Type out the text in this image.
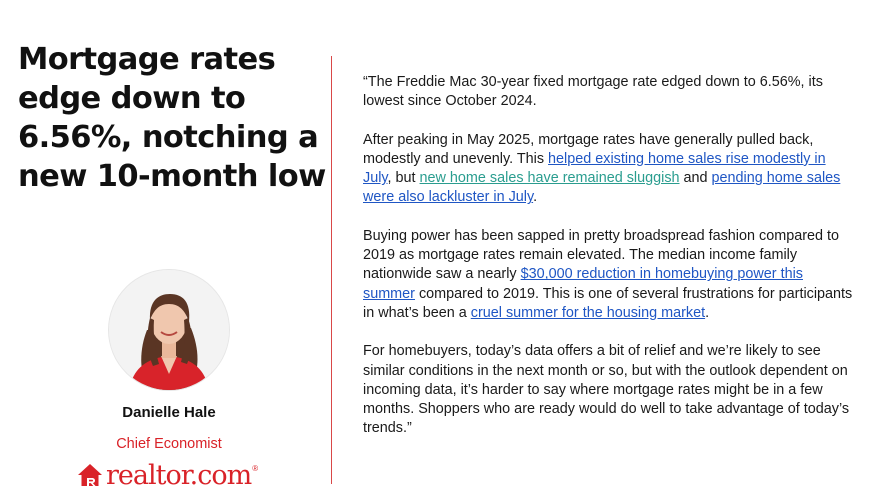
Mortgage rates edge down to 6.56%, notching a new 10-month low

“The Freddie Mac 30-year fixed mortgage rate edged down to 6.56%, its lowest since October 2024.

After peaking in May 2025, mortgage rates have generally pulled back, modestly and unevenly. This helped existing home sales rise modestly in July, but new home sales have remained sluggish and pending home sales were also lackluster in July.

Buying power has been sapped in pretty broadspread fashion compared to 2019 as mortgage rates remain elevated. The median income family nationwide saw a nearly $30,000 reduction in homebuying power this summer compared to 2019. This is one of several frustrations for participants in what’s been a cruel summer for the housing market.

For homebuyers, today’s data offers a bit of relief and we’re likely to see similar conditions in the next month or so, but with the outlook dependent on incoming data, it’s harder to say where mortgage rates might be in a few months. Shoppers who are ready would do well to take advantage of today’s trends.”

Danielle Hale
Chief Economist
realtor.com ®
